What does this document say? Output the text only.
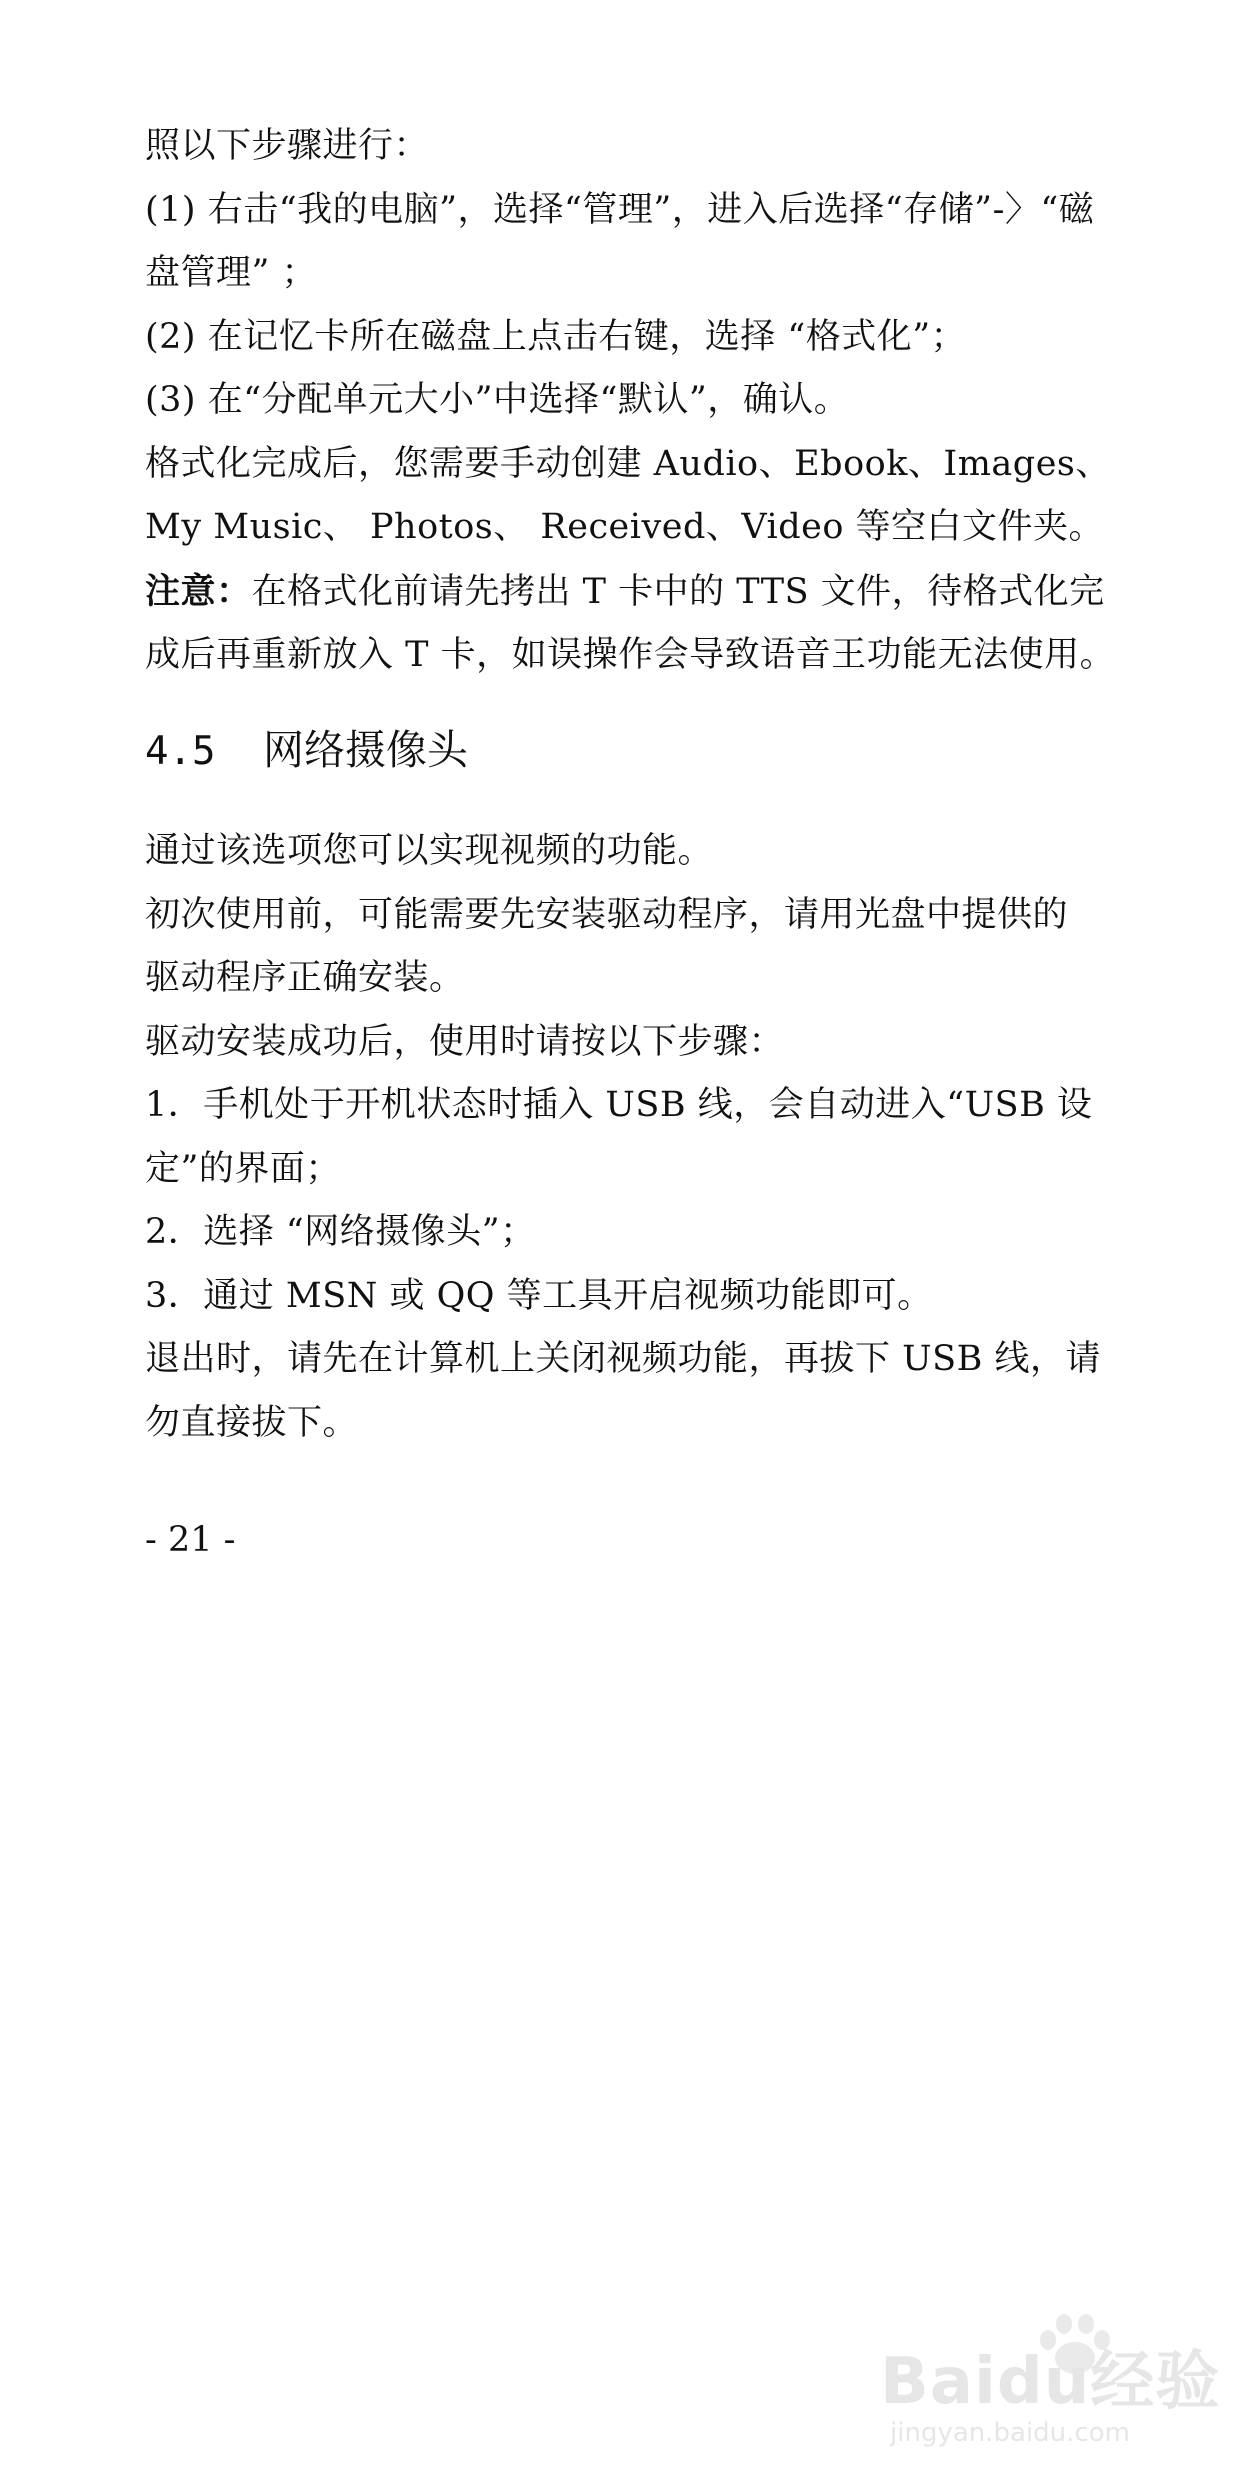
照以下步骤进行：
(1) 右击“我的电脑”，选择“管理”，进入后选择“存储”-〉“磁
盘管理” ；
(2) 在记忆卡所在磁盘上点击右键，选择 “格式化”；
(3) 在“分配单元大小”中选择“默认”，确认。
格式化完成后，您需要手动创建 Audio、Ebook、Images、
My Music、 Photos、 Received、Video 等空白文件夹。
注意：在格式化前请先拷出 T 卡中的 TTS 文件，待格式化完
成后再重新放入 T 卡，如误操作会导致语音王功能无法使用。
4.5 网络摄像头
通过该选项您可以实现视频的功能。
初次使用前，可能需要先安装驱动程序，请用光盘中提供的
驱动程序正确安装。
驱动安装成功后，使用时请按以下步骤：
1．手机处于开机状态时插入 USB 线，会自动进入“USB 设
定”的界面；
2．选择 “网络摄像头”；
3．通过 MSN 或 QQ 等工具开启视频功能即可。
退出时，请先在计算机上关闭视频功能，再拔下 USB 线，请
勿直接拔下。
- 21 -
Baidu经验
jingyan.baidu.com
